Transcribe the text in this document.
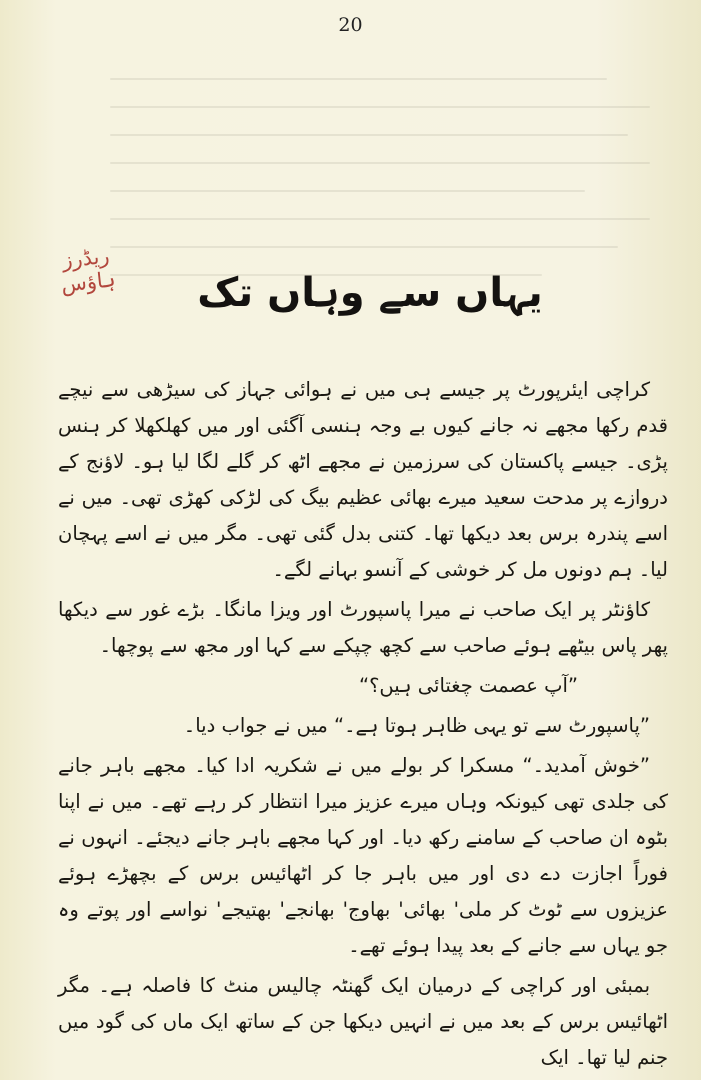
20
ریڈرز ہاؤس	یہاں سے وہاں تک

کراچی ایئرپورٹ پر جیسے ہی میں نے ہوائی جہاز کی سیڑھی سے نیچے قدم رکھا مجھے نہ جانے کیوں بے وجہ ہنسی آگئی اور میں کھلکھلا کر ہنس پڑی۔ جیسے پاکستان کی سرزمین نے مجھے اٹھ کر گلے لگا لیا ہو۔ لاؤنج کے دروازے پر مدحت سعید میرے بھائی عظیم بیگ کی لڑکی کھڑی تھی۔ میں نے اسے پندرہ برس بعد دیکھا تھا۔ کتنی بدل گئی تھی۔ مگر میں نے اسے پہچان لیا۔ ہم دونوں مل کر خوشی کے آنسو بہانے لگے۔

کاؤنٹر پر ایک صاحب نے میرا پاسپورٹ اور ویزا مانگا۔ بڑے غور سے دیکھا پھر پاس بیٹھے ہوئے صاحب سے کچھ چپکے سے کہا اور مجھ سے پوچھا۔

”آپ عصمت چغتائی ہیں؟“

”پاسپورٹ سے تو یہی ظاہر ہوتا ہے۔“ میں نے جواب دیا۔

”خوش آمدید۔“ مسکرا کر بولے میں نے شکریہ ادا کیا۔ مجھے باہر جانے کی جلدی تھی کیونکہ وہاں میرے عزیز میرا انتظار کر رہے تھے۔ میں نے اپنا بٹوہ ان صاحب کے سامنے رکھ دیا۔ اور کہا مجھے باہر جانے دیجئے۔ انہوں نے فوراً اجازت دے دی اور میں باہر جا کر اٹھائیس برس کے بچھڑے ہوئے عزیزوں سے ٹوٹ کر ملی' بھائی' بھاوج' بھانجے' بھتیجے' نواسے اور پوتے وہ جو یہاں سے جانے کے بعد پیدا ہوئے تھے۔

بمبئی اور کراچی کے درمیان ایک گھنٹہ چالیس منٹ کا فاصلہ ہے۔ مگر اٹھائیس برس کے بعد میں نے انہیں دیکھا جن کے ساتھ ایک ماں کی گود میں جنم لیا تھا۔ ایک
